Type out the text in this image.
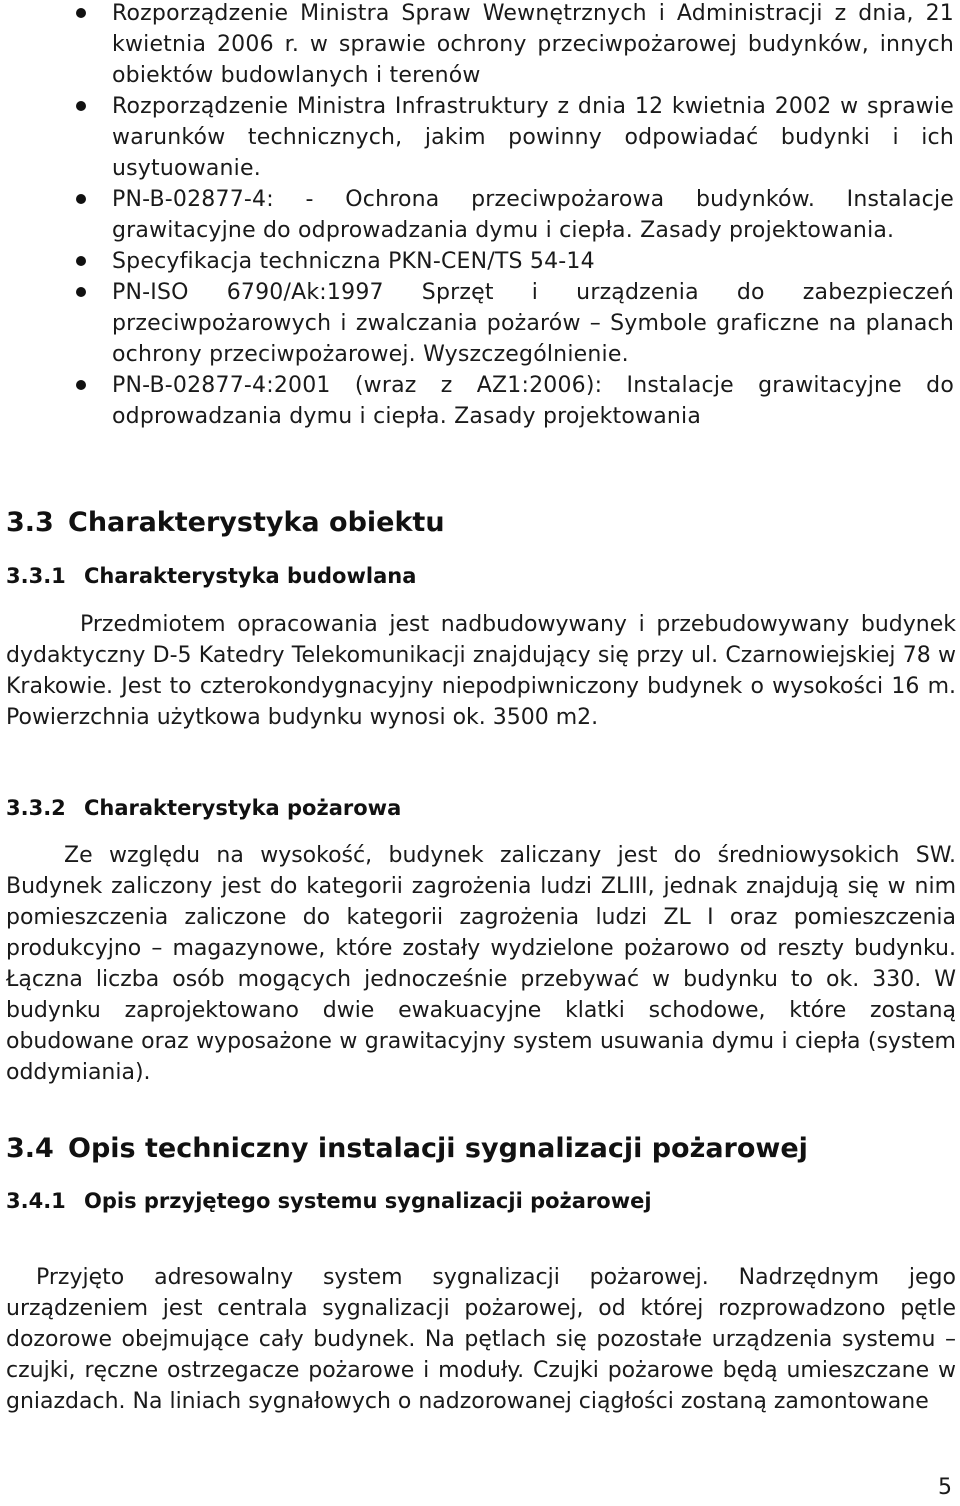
Rozporządzenie Ministra Spraw Wewnętrznych i Administracji z dnia, 21 kwietnia 2006 r. w sprawie ochrony przeciwpożarowej budynków, innych obiektów budowlanych i terenów
Rozporządzenie Ministra Infrastruktury z dnia 12 kwietnia 2002 w sprawie warunków technicznych, jakim powinny odpowiadać budynki i ich usytuowanie.
PN-B-02877-4: - Ochrona przeciwpożarowa budynków. Instalacje grawitacyjne do odprowadzania dymu i ciepła. Zasady projektowania.
Specyfikacja techniczna PKN-CEN/TS 54-14
PN-ISO 6790/Ak:1997 Sprzęt i urządzenia do zabezpieczeń przeciwpożarowych i zwalczania pożarów – Symbole graficzne na planach ochrony przeciwpożarowej. Wyszczególnienie.
PN-B-02877-4:2001 (wraz z AZ1:2006): Instalacje grawitacyjne do odprowadzania dymu i ciepła. Zasady projektowania
3.3 Charakterystyka obiektu
3.3.1 Charakterystyka budowlana

Przedmiotem opracowania jest nadbudowywany i przebudowywany budynek dydaktyczny D-5 Katedry Telekomunikacji znajdujący się przy ul. Czarnowiejskiej 78 w Krakowie. Jest to czterokondygnacyjny niepodpiwniczony budynek o wysokości 16 m. Powierzchnia użytkowa budynku wynosi ok. 3500 m2.

3.3.2 Charakterystyka pożarowa

Ze względu na wysokość, budynek zaliczany jest do średniowysokich SW. Budynek zaliczony jest do kategorii zagrożenia ludzi ZLIII, jednak znajdują się w nim pomieszczenia zaliczone do kategorii zagrożenia ludzi ZL I oraz pomieszczenia produkcyjno – magazynowe, które zostały wydzielone pożarowo od reszty budynku. Łączna liczba osób mogących jednocześnie przebywać w budynku to ok. 330. W budynku zaprojektowano dwie ewakuacyjne klatki schodowe, które zostaną obudowane oraz wyposażone w grawitacyjny system usuwania dymu i ciepła (system oddymiania).

3.4 Opis techniczny instalacji sygnalizacji pożarowej
3.4.1 Opis przyjętego systemu sygnalizacji pożarowej

Przyjęto adresowalny system sygnalizacji pożarowej. Nadrzędnym jego urządzeniem jest centrala sygnalizacji pożarowej, od której rozprowadzono pętle dozorowe obejmujące cały budynek. Na pętlach się pozostałe urządzenia systemu – czujki, ręczne ostrzegacze pożarowe i moduły. Czujki pożarowe będą umieszczane w gniazdach. Na liniach sygnałowych o nadzorowanej ciągłości zostaną zamontowane

5
